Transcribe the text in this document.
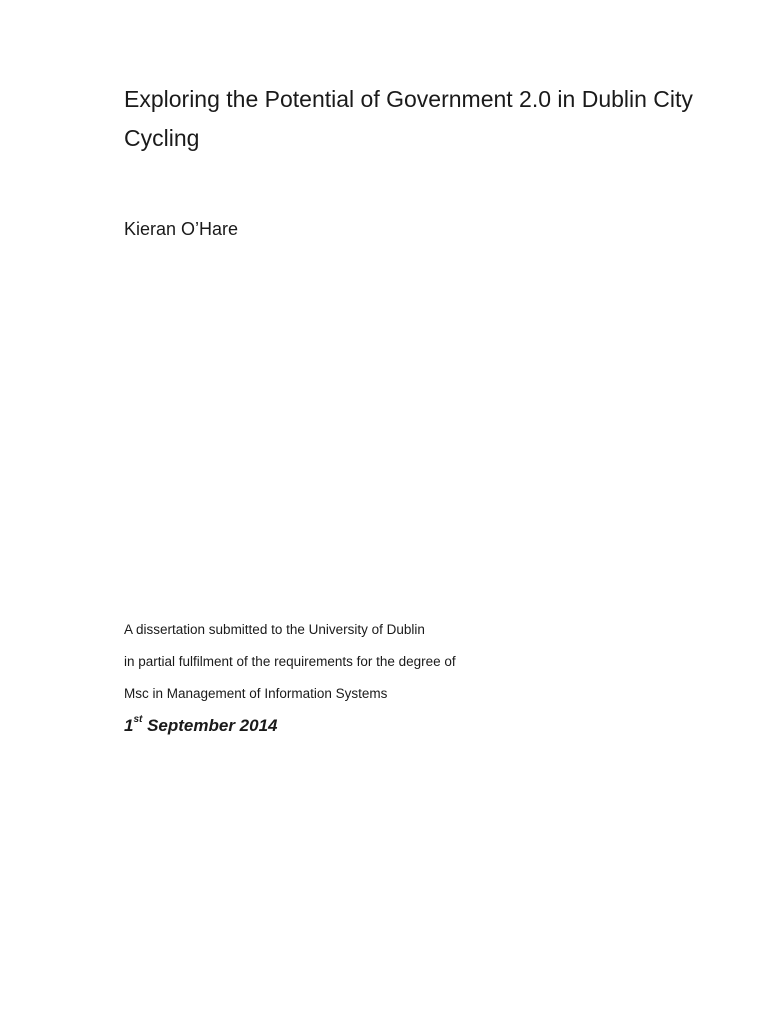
Exploring the Potential of Government 2.0 in Dublin City
Cycling

Kieran O’Hare

A dissertation submitted to the University of Dublin
in partial fulfilment of the requirements for the degree of
Msc in Management of Information Systems

1st September 2014
